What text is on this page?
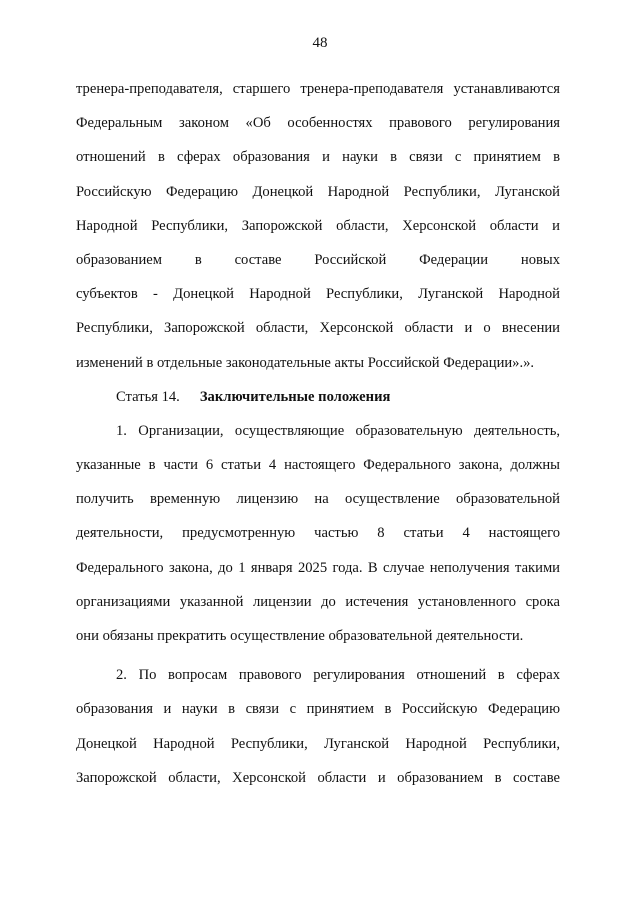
48
тренера-преподавателя, старшего тренера-преподавателя устанавливаются
Федеральным законом «Об особенностях правового регулирования
отношений в сферах образования и науки в связи с принятием в
Российскую Федерацию Донецкой Народной Республики, Луганской
Народной Республики, Запорожской области, Херсонской области и
образованием в составе Российской Федерации новых
субъектов - Донецкой Народной Республики, Луганской Народной
Республики, Запорожской области, Херсонской области и о внесении
изменений в отдельные законодательные акты Российской Федерации».».
Статья 14. Заключительные положения
1. Организации, осуществляющие образовательную деятельность,
указанные в части 6 статьи 4 настоящего Федерального закона, должны
получить временную лицензию на осуществление образовательной
деятельности, предусмотренную частью 8 статьи 4 настоящего
Федерального закона, до 1 января 2025 года. В случае неполучения такими
организациями указанной лицензии до истечения установленного срока
они обязаны прекратить осуществление образовательной деятельности.
2. По вопросам правового регулирования отношений в сферах
образования и науки в связи с принятием в Российскую Федерацию
Донецкой Народной Республики, Луганской Народной Республики,
Запорожской области, Херсонской области и образованием в составе
